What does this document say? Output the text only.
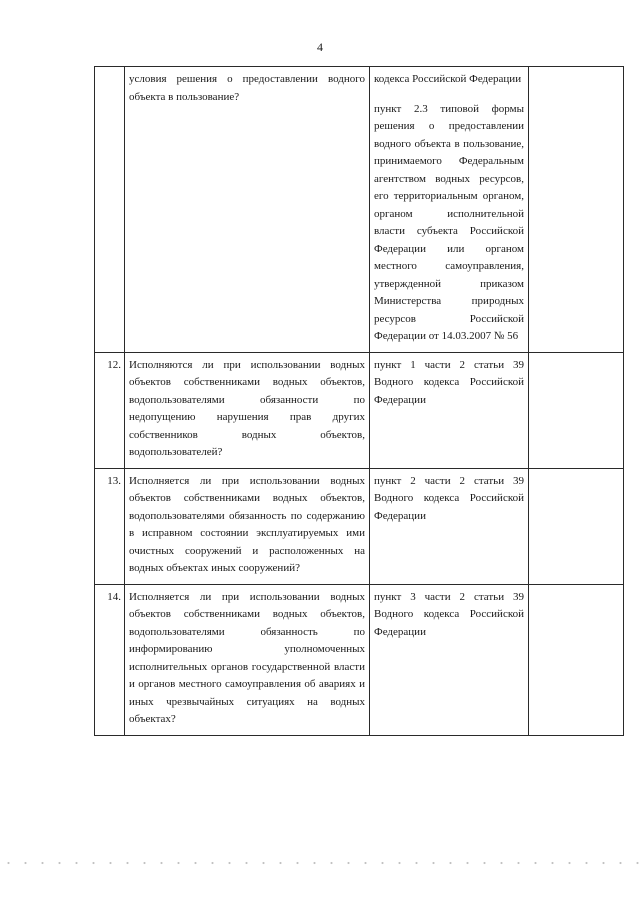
4
	условия решения о предоставлении водного объекта в пользование?	кодекса Российской Федерации

пункт 2.3 типовой формы решения о предоставлении водного объекта в пользование, принимаемого Федеральным агентством водных ресурсов, его территориальным органом, органом исполнительной власти субъекта Российской Федерации или органом местного самоуправления, утвержденной приказом Министерства природных ресурсов Российской Федерации от 14.03.2007 № 56	

12.	Исполняются ли при использовании водных объектов собственниками водных объектов, водопользователями обязанности по недопущению нарушения прав других собственников водных объектов, водопользователей?	пункт 1 части 2 статьи 39 Водного кодекса Российской Федерации	

13.	Исполняется ли при использовании водных объектов собственниками водных объектов, водопользователями обязанность по содержанию в исправном состоянии эксплуатируемых ими очистных сооружений и расположенных на водных объектах иных сооружений?	пункт 2 части 2 статьи 39 Водного кодекса Российской Федерации	

14.	Исполняется ли при использовании водных объектов собственниками водных объектов, водопользователями обязанность по информированию уполномоченных исполнительных органов государственной власти и органов местного самоуправления об авариях и иных чрезвычайных ситуациях на водных объектах?	пункт 3 части 2 статьи 39 Водного кодекса Российской Федерации	
